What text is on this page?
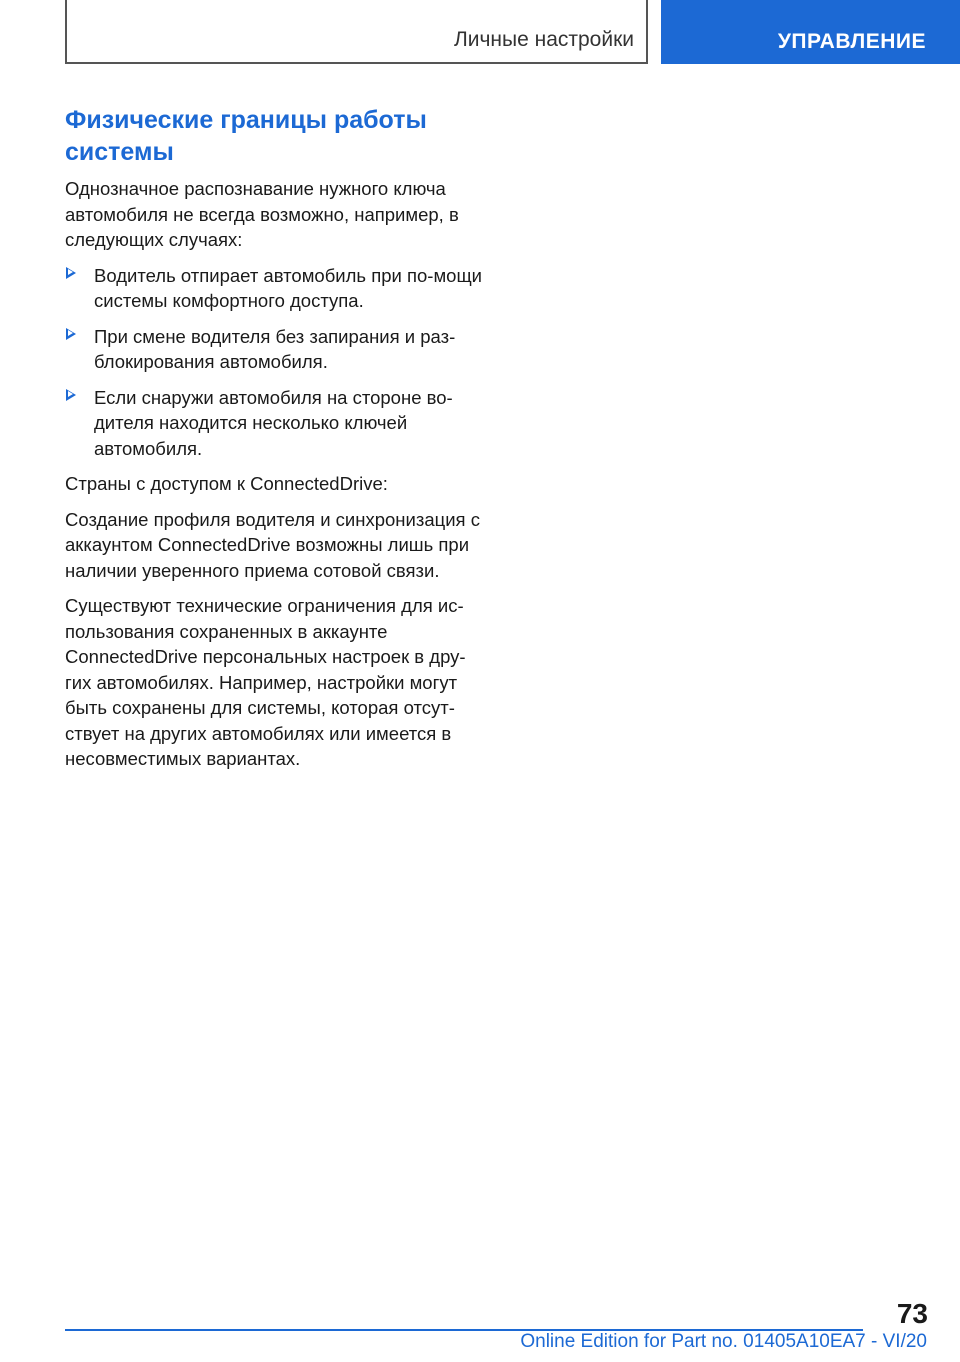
Личные настройки	УПРАВЛЕНИЕ
Физические границы работы системы

Однозначное распознавание нужного ключа автомобиля не всегда возможно, например, в следующих случаях:

Водитель отпирает автомобиль при по-мощи системы комфортного доступа.
При смене водителя без запирания и раз-блокирования автомобиля.
Если снаружи автомобиля на стороне во-дителя находится несколько ключей автомобиля.

Страны с доступом к ConnectedDrive:

Создание профиля водителя и синхронизация с аккаунтом ConnectedDrive возможны лишь при наличии уверенного приема сотовой связи.

Существуют технические ограничения для ис-пользования сохраненных в аккаунте ConnectedDrive персональных настроек в дру-гих автомобилях. Например, настройки могут быть сохранены для системы, которая отсут-ствует на других автомобилях или имеется в несовместимых вариантах.

73
Online Edition for Part no. 01405A10EA7 - VI/20
